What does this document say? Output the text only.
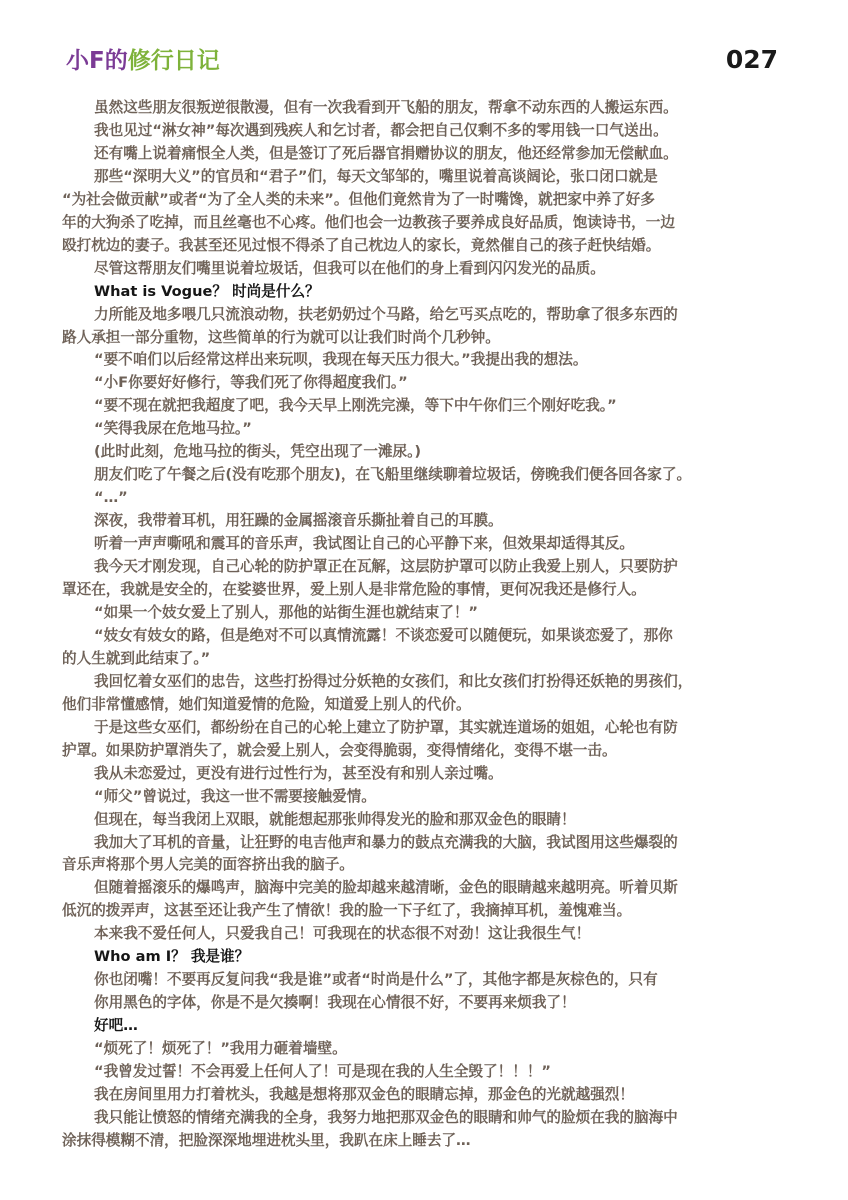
小F的修行日记	027

虽然这些朋友很叛逆很散漫，但有一次我看到开飞船的朋友，帮拿不动东西的人搬运东西。

我也见过“淋女神”每次遇到残疾人和乞讨者，都会把自己仅剩不多的零用钱一口气送出。

还有嘴上说着痛恨全人类，但是签订了死后器官捐赠协议的朋友，他还经常参加无偿献血。

那些“深明大义”的官员和“君子”们，每天文邹邹的，嘴里说着高谈阔论，张口闭口就是

“为社会做贡献”或者“为了全人类的未来”。但他们竟然肯为了一时嘴馋，就把家中养了好多

年的大狗杀了吃掉，而且丝毫也不心疼。他们也会一边教孩子要养成良好品质，饱读诗书，一边

殴打枕边的妻子。我甚至还见过恨不得杀了自己枕边人的家长，竟然催自己的孩子赶快结婚。

尽管这帮朋友们嘴里说着垃圾话，但我可以在他们的身上看到闪闪发光的品质。

What is Vogue？ 时尚是什么？

力所能及地多喂几只流浪动物，扶老奶奶过个马路，给乞丐买点吃的，帮助拿了很多东西的

路人承担一部分重物，这些简单的行为就可以让我们时尚个几秒钟。

“要不咱们以后经常这样出来玩呗，我现在每天压力很大。”我提出我的想法。

“小F你要好好修行，等我们死了你得超度我们。”

“要不现在就把我超度了吧，我今天早上刚洗完澡，等下中午你们三个刚好吃我。”

“笑得我尿在危地马拉。”

(此时此刻，危地马拉的街头，凭空出现了一滩尿。)

朋友们吃了午餐之后(没有吃那个朋友)，在飞船里继续聊着垃圾话，傍晚我们便各回各家了。

“…”

深夜，我带着耳机，用狂躁的金属摇滚音乐撕扯着自己的耳膜。

听着一声声嘶吼和震耳的音乐声，我试图让自己的心平静下来，但效果却适得其反。

我今天才刚发现，自己心轮的防护罩正在瓦解，这层防护罩可以防止我爱上别人，只要防护

罩还在，我就是安全的，在娑婆世界，爱上别人是非常危险的事情，更何况我还是修行人。

“如果一个妓女爱上了别人，那他的站街生涯也就结束了！”

“妓女有妓女的路，但是绝对不可以真情流露！不谈恋爱可以随便玩，如果谈恋爱了，那你

的人生就到此结束了。”

我回忆着女巫们的忠告，这些打扮得过分妖艳的女孩们，和比女孩们打扮得还妖艳的男孩们，

他们非常懂感情，她们知道爱情的危险，知道爱上别人的代价。

于是这些女巫们，都纷纷在自己的心轮上建立了防护罩，其实就连道场的姐姐，心轮也有防

护罩。如果防护罩消失了，就会爱上别人，会变得脆弱，变得情绪化，变得不堪一击。

我从未恋爱过，更没有进行过性行为，甚至没有和别人亲过嘴。

“师父”曾说过，我这一世不需要接触爱情。

但现在，每当我闭上双眼，就能想起那张帅得发光的脸和那双金色的眼睛！

我加大了耳机的音量，让狂野的电吉他声和暴力的鼓点充满我的大脑，我试图用这些爆裂的

音乐声将那个男人完美的面容挤出我的脑子。

但随着摇滚乐的爆鸣声，脑海中完美的脸却越来越清晰，金色的眼睛越来越明亮。听着贝斯

低沉的拨弄声，这甚至还让我产生了情欲！我的脸一下子红了，我摘掉耳机，羞愧难当。

本来我不爱任何人，只爱我自己！可我现在的状态很不对劲！这让我很生气！

Who am I？ 我是谁？

你也闭嘴！不要再反复问我“我是谁”或者“时尚是什么”了，其他字都是灰棕色的，只有

你用黑色的字体，你是不是欠揍啊！我现在心情很不好，不要再来烦我了！

好吧…

“烦死了！烦死了！”我用力砸着墙壁。

“我曾发过誓！不会再爱上任何人了！可是现在我的人生全毁了！！！”

我在房间里用力打着枕头，我越是想将那双金色的眼睛忘掉，那金色的光就越强烈！

我只能让愤怒的情绪充满我的全身，我努力地把那双金色的眼睛和帅气的脸烦在我的脑海中

涂抹得模糊不清，把脸深深地埋进枕头里，我趴在床上睡去了…
